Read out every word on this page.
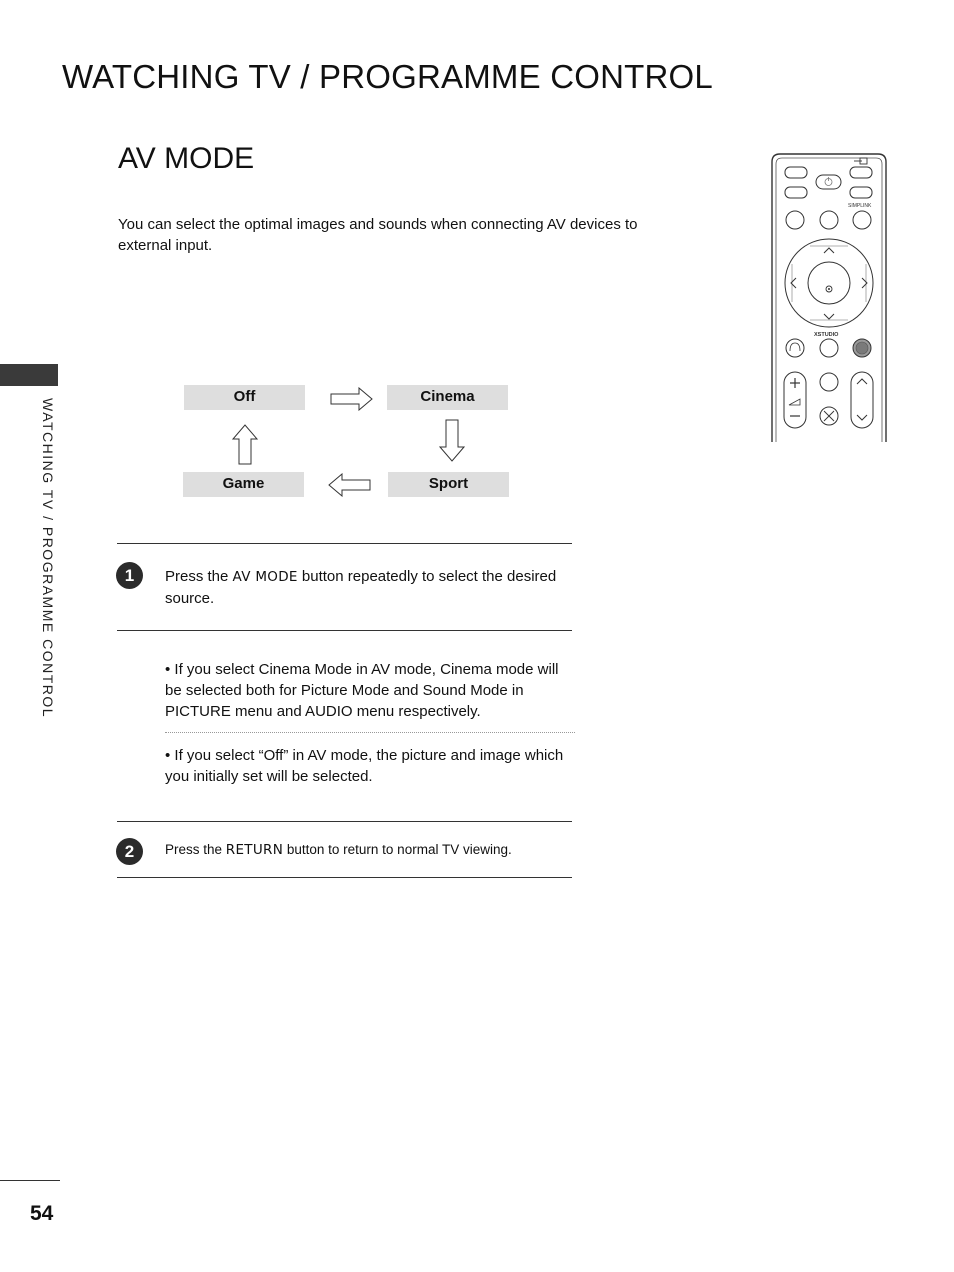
WATCHING TV / PROGRAMME CONTROL
AV MODE
You can select the optimal images and sounds when connecting AV devices to external input.
WATCHING TV / PROGRAMME CONTROL
SIMPLINK
XSTUDIO
Off	Cinema
Game	Sport
1	Press the AV MODE button repeatedly to select the desired source.
• If you select Cinema Mode in AV mode, Cinema mode will be selected both for Picture Mode and Sound Mode in PICTURE menu and AUDIO menu respectively.
• If you select “Off” in AV mode, the picture and image which you initially set will be selected.
2	Press the RETURN button to return to normal TV viewing.
54
